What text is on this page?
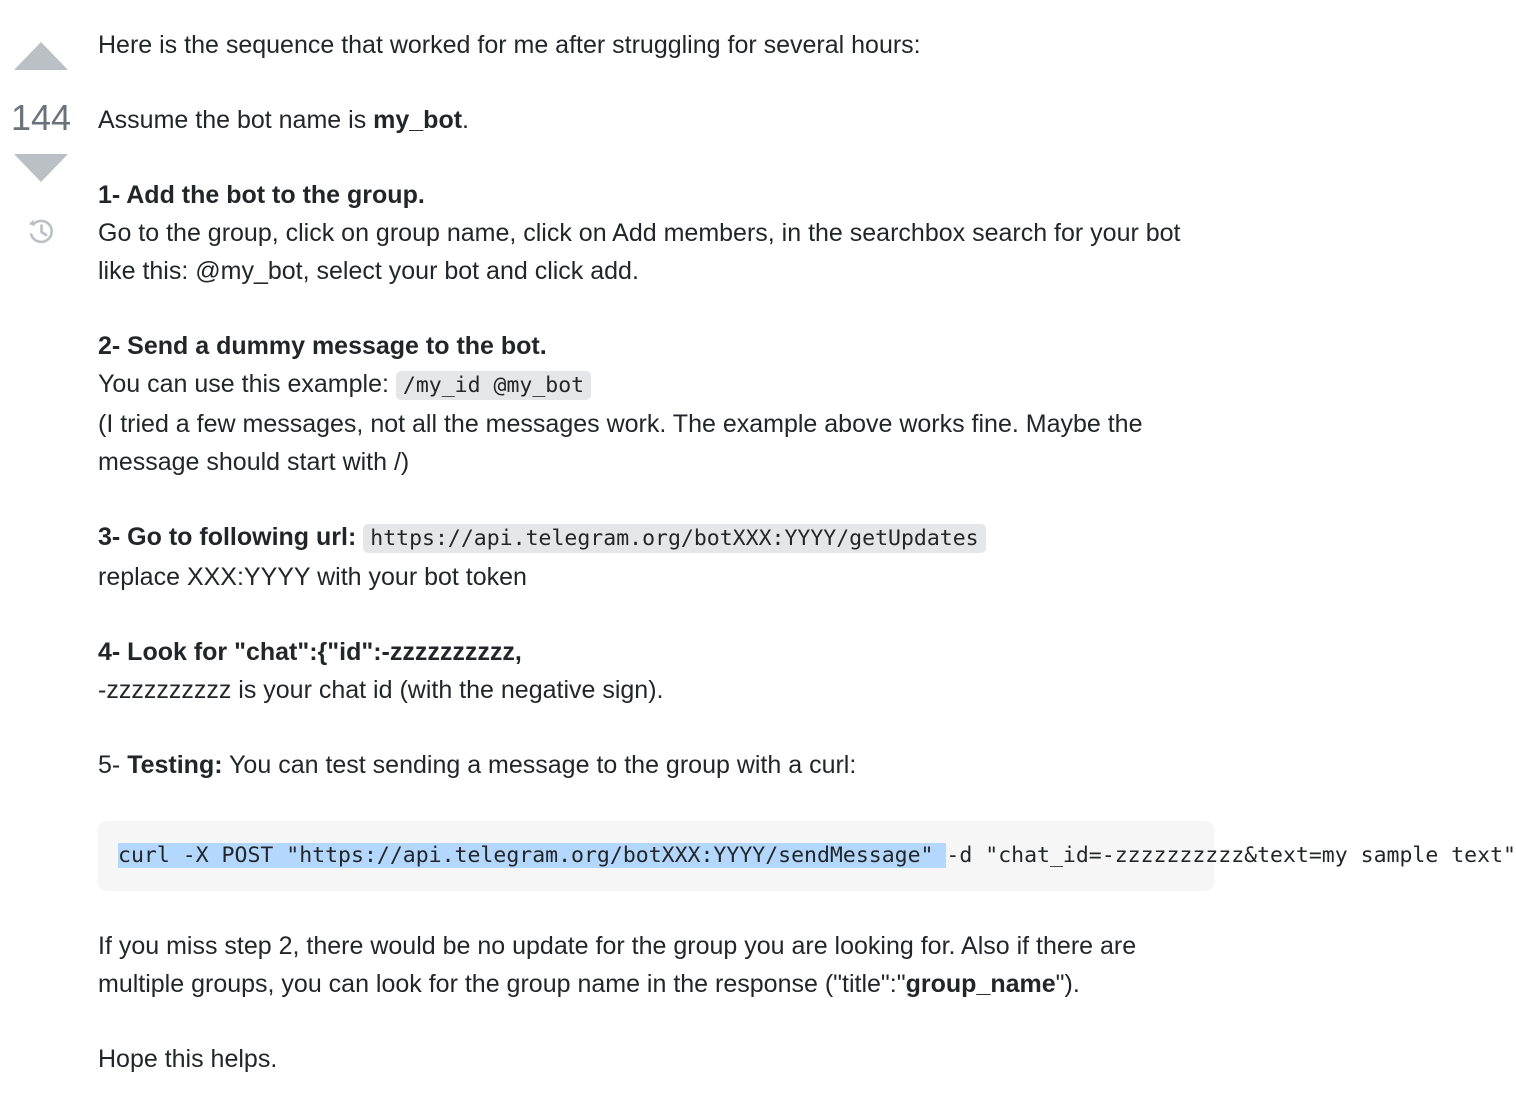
144

Here is the sequence that worked for me after struggling for several hours:

Assume the bot name is my_bot.

1- Add the bot to the group.
Go to the group, click on group name, click on Add members, in the searchbox search for your bot like this: @my_bot, select your bot and click add.

2- Send a dummy message to the bot.
You can use this example: /my_id @my_bot
(I tried a few messages, not all the messages work. The example above works fine. Maybe the message should start with /)

3- Go to following url: https://api.telegram.org/botXXX:YYYY/getUpdates
replace XXX:YYYY with your bot token

4- Look for "chat":{"id":-zzzzzzzzzz,
-zzzzzzzzzz is your chat id (with the negative sign).

5- Testing: You can test sending a message to the group with a curl:

curl -X POST "https://api.telegram.org/botXXX:YYYY/sendMessage" -d "chat_id=-zzzzzzzzzz&text=my sample text"

If you miss step 2, there would be no update for the group you are looking for. Also if there are multiple groups, you can look for the group name in the response ("title":"group_name").

Hope this helps.
